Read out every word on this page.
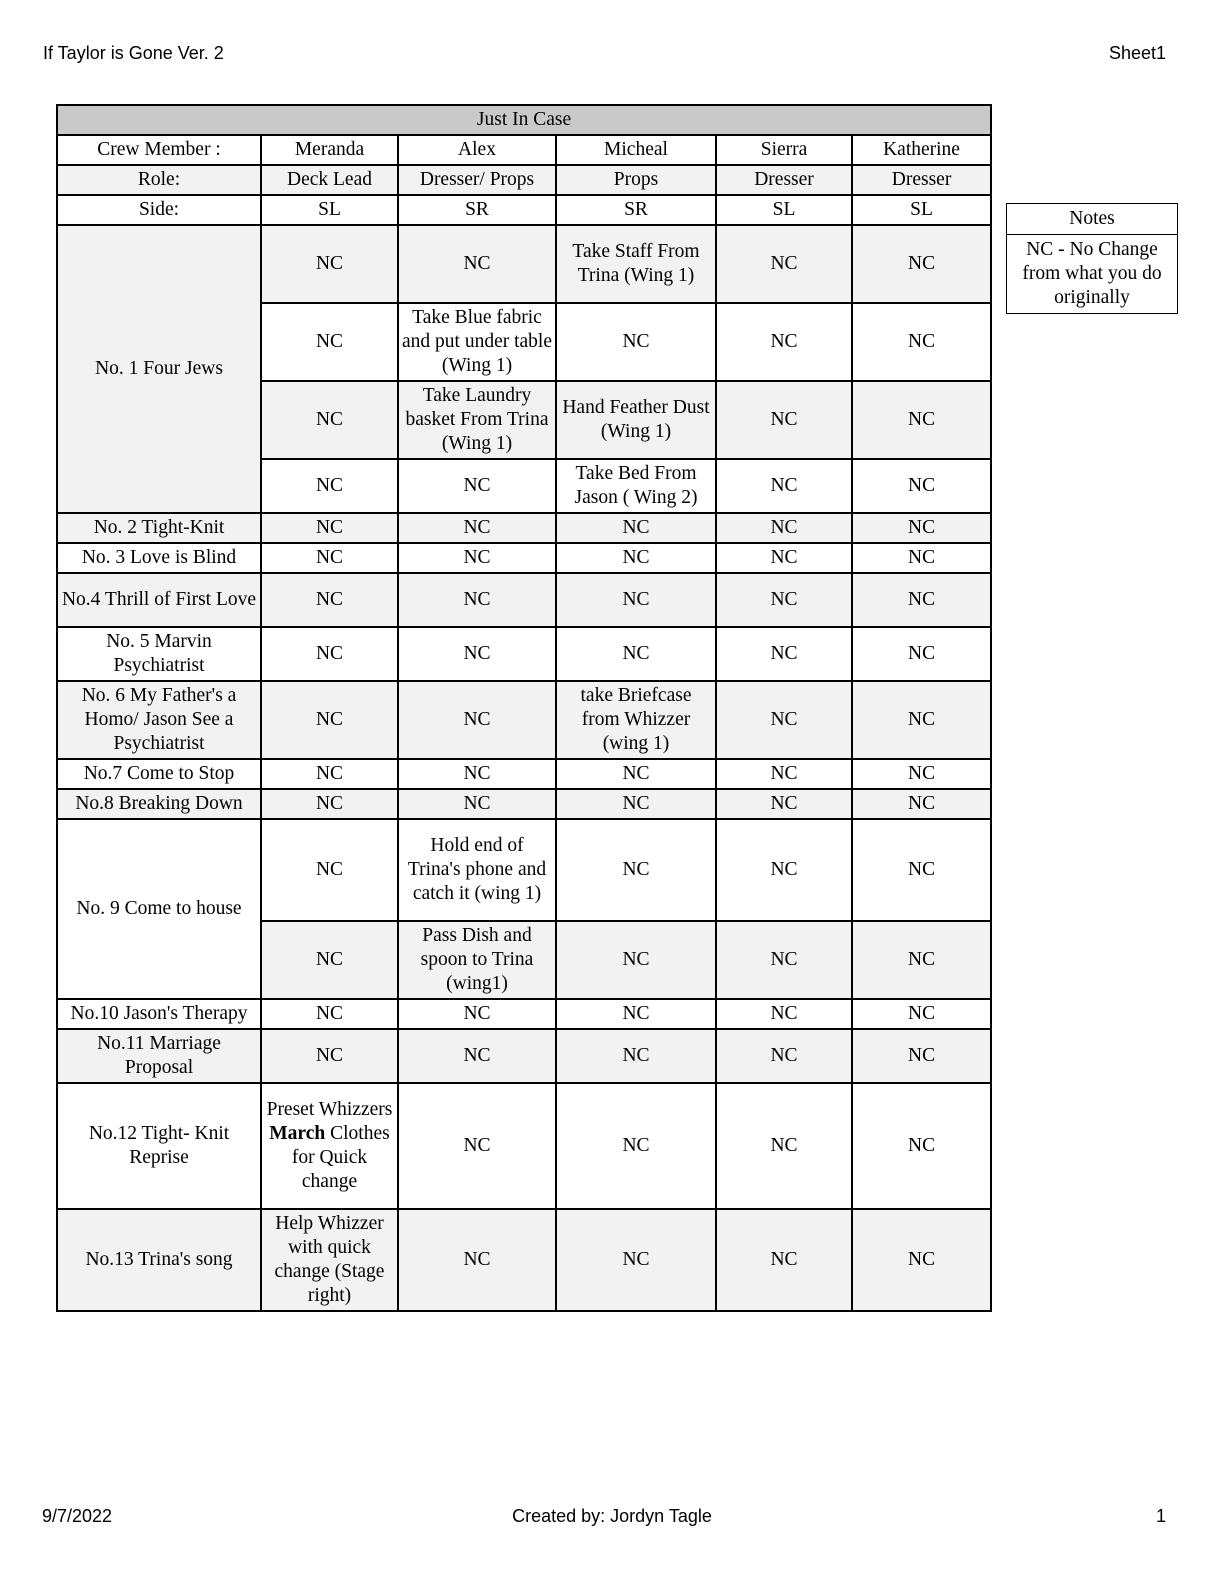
If Taylor is Gone Ver. 2	Sheet1
Just In Case					
Crew Member :	Meranda	Alex	Micheal	Sierra	Katherine
Role:	Deck Lead	Dresser/ Props	Props	Dresser	Dresser
Side:	SL	SR	SR	SL	SL
No. 1 Four Jews	NC	NC	Take Staff From Trina (Wing 1)	NC	NC
	NC	Take Blue fabric and put under table (Wing 1)	NC	NC	NC
	NC	Take Laundry basket From Trina (Wing 1)	Hand Feather Dust (Wing 1)	NC	NC
	NC	NC	Take Bed From Jason ( Wing 2)	NC	NC
No. 2 Tight-Knit	NC	NC	NC	NC	NC
No. 3 Love is Blind	NC	NC	NC	NC	NC
No.4 Thrill of First Love	NC	NC	NC	NC	NC
No. 5 Marvin Psychiatrist	NC	NC	NC	NC	NC
No. 6 My Father's a Homo/ Jason See a Psychiatrist	NC	NC	take Briefcase from Whizzer (wing 1)	NC	NC
No.7 Come to Stop	NC	NC	NC	NC	NC
No.8 Breaking Down	NC	NC	NC	NC	NC
No. 9 Come to house	NC	Hold end of Trina's phone and catch it (wing 1)	NC	NC	NC
	NC	Pass Dish and spoon to Trina (wing1)	NC	NC	NC
No.10 Jason's Therapy	NC	NC	NC	NC	NC
No.11 Marriage Proposal	NC	NC	NC	NC	NC
No.12 Tight- Knit Reprise	Preset Whizzers March Clothes for Quick change	NC	NC	NC	NC
No.13 Trina's song	Help Whizzer with quick change (Stage right)	NC	NC	NC	NC
Notes
NC - No Change from what you do originally
9/7/2022	Created by: Jordyn Tagle	1
